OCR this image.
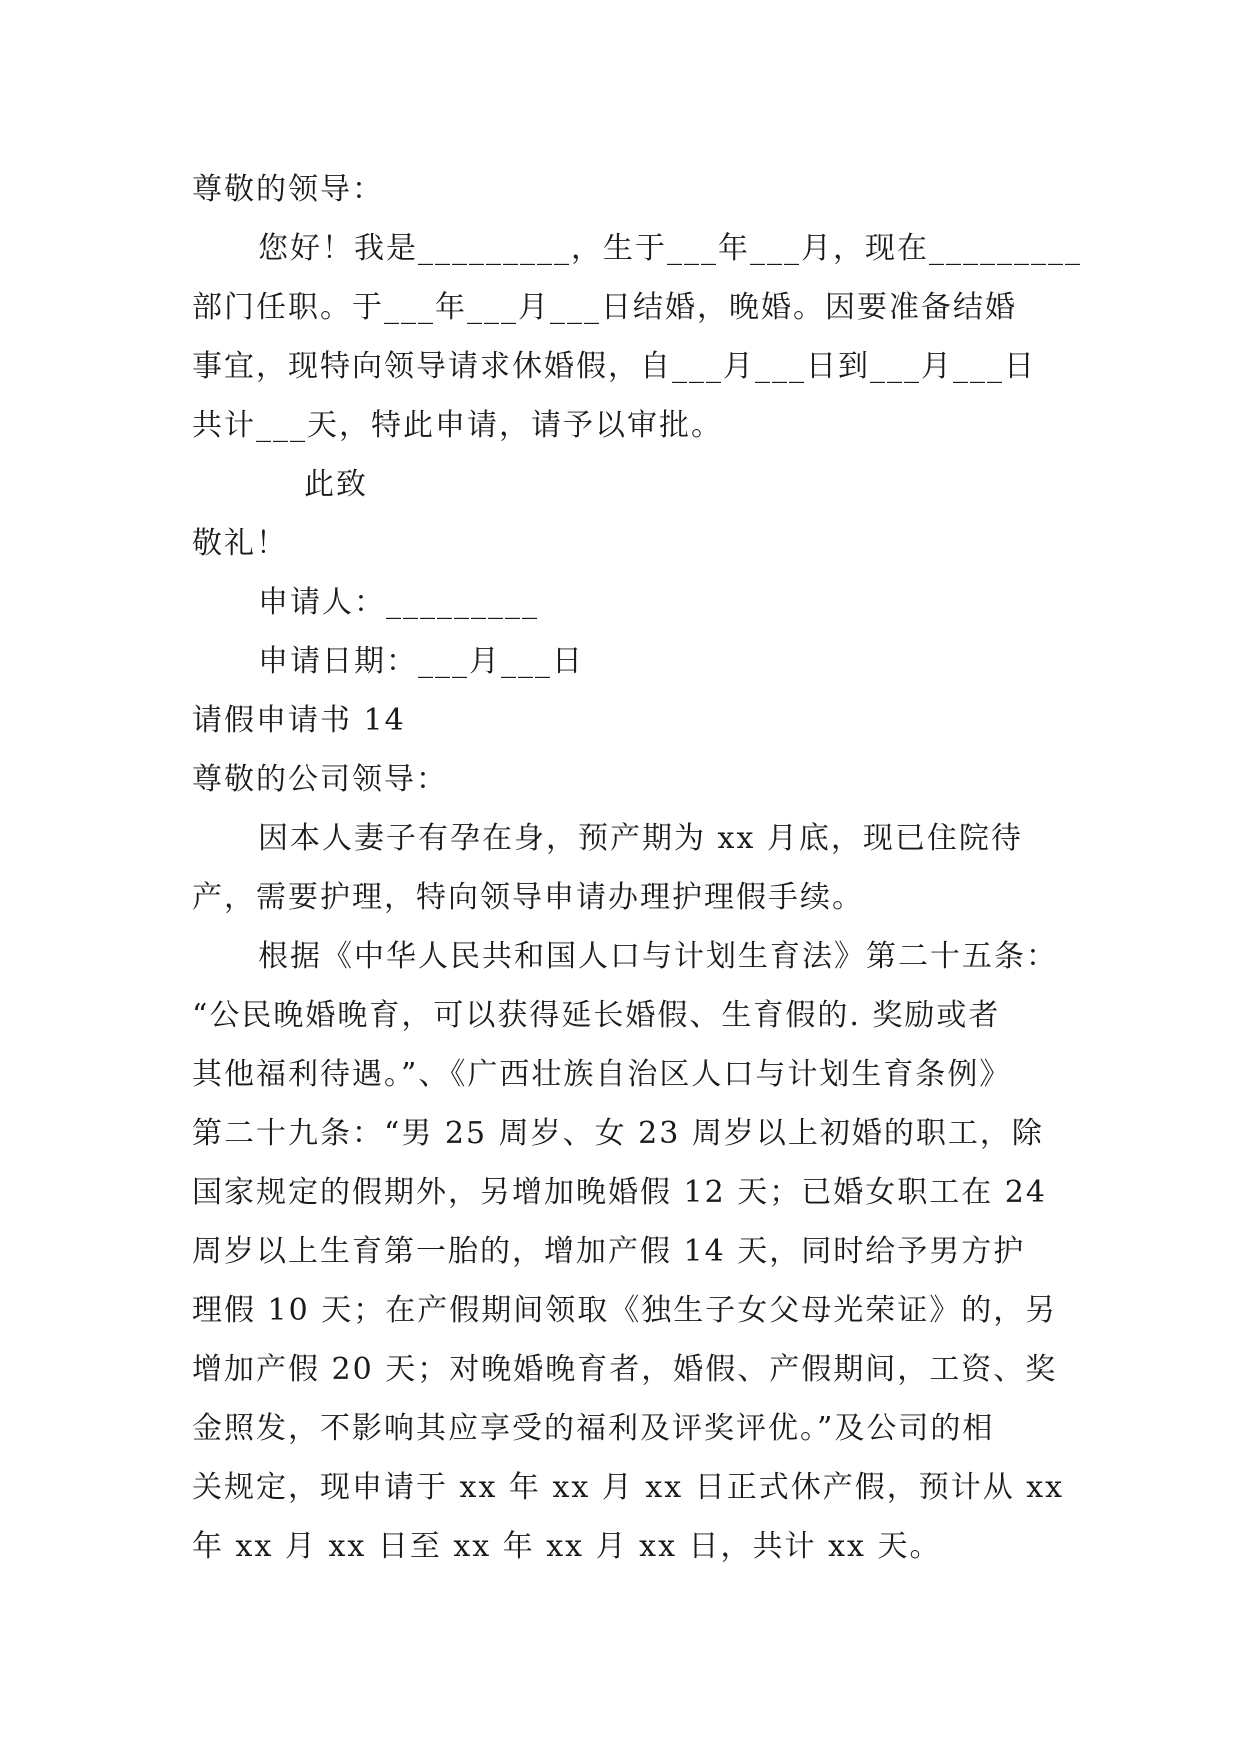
尊敬的领导：
您好！我是_________，生于___年___月，现在_________
部门任职。于___年___月___日结婚，晚婚。因要准备结婚
事宜，现特向领导请求休婚假，自___月___日到___月___日
共计___天，特此申请，请予以审批。
此致
敬礼！
申请人：_________
申请日期：___月___日
请假申请书 14
尊敬的公司领导：
因本人妻子有孕在身，预产期为 xx 月底，现已住院待
产，需要护理，特向领导申请办理护理假手续。
根据《中华人民共和国人口与计划生育法》第二十五条：
“公民晚婚晚育，可以获得延长婚假、生育假的. 奖励或者
其他福利待遇。”、《广西壮族自治区人口与计划生育条例》
第二十九条：“男 25 周岁、女 23 周岁以上初婚的职工，除
国家规定的假期外，另增加晚婚假 12 天；已婚女职工在 24
周岁以上生育第一胎的，增加产假 14 天，同时给予男方护
理假 10 天；在产假期间领取《独生子女父母光荣证》的，另
增加产假 20 天；对晚婚晚育者，婚假、产假期间，工资、奖
金照发，不影响其应享受的福利及评奖评优。”及公司的相
关规定，现申请于 xx 年 xx 月 xx 日正式休产假，预计从 xx
年 xx 月 xx 日至 xx 年 xx 月 xx 日，共计 xx 天。
